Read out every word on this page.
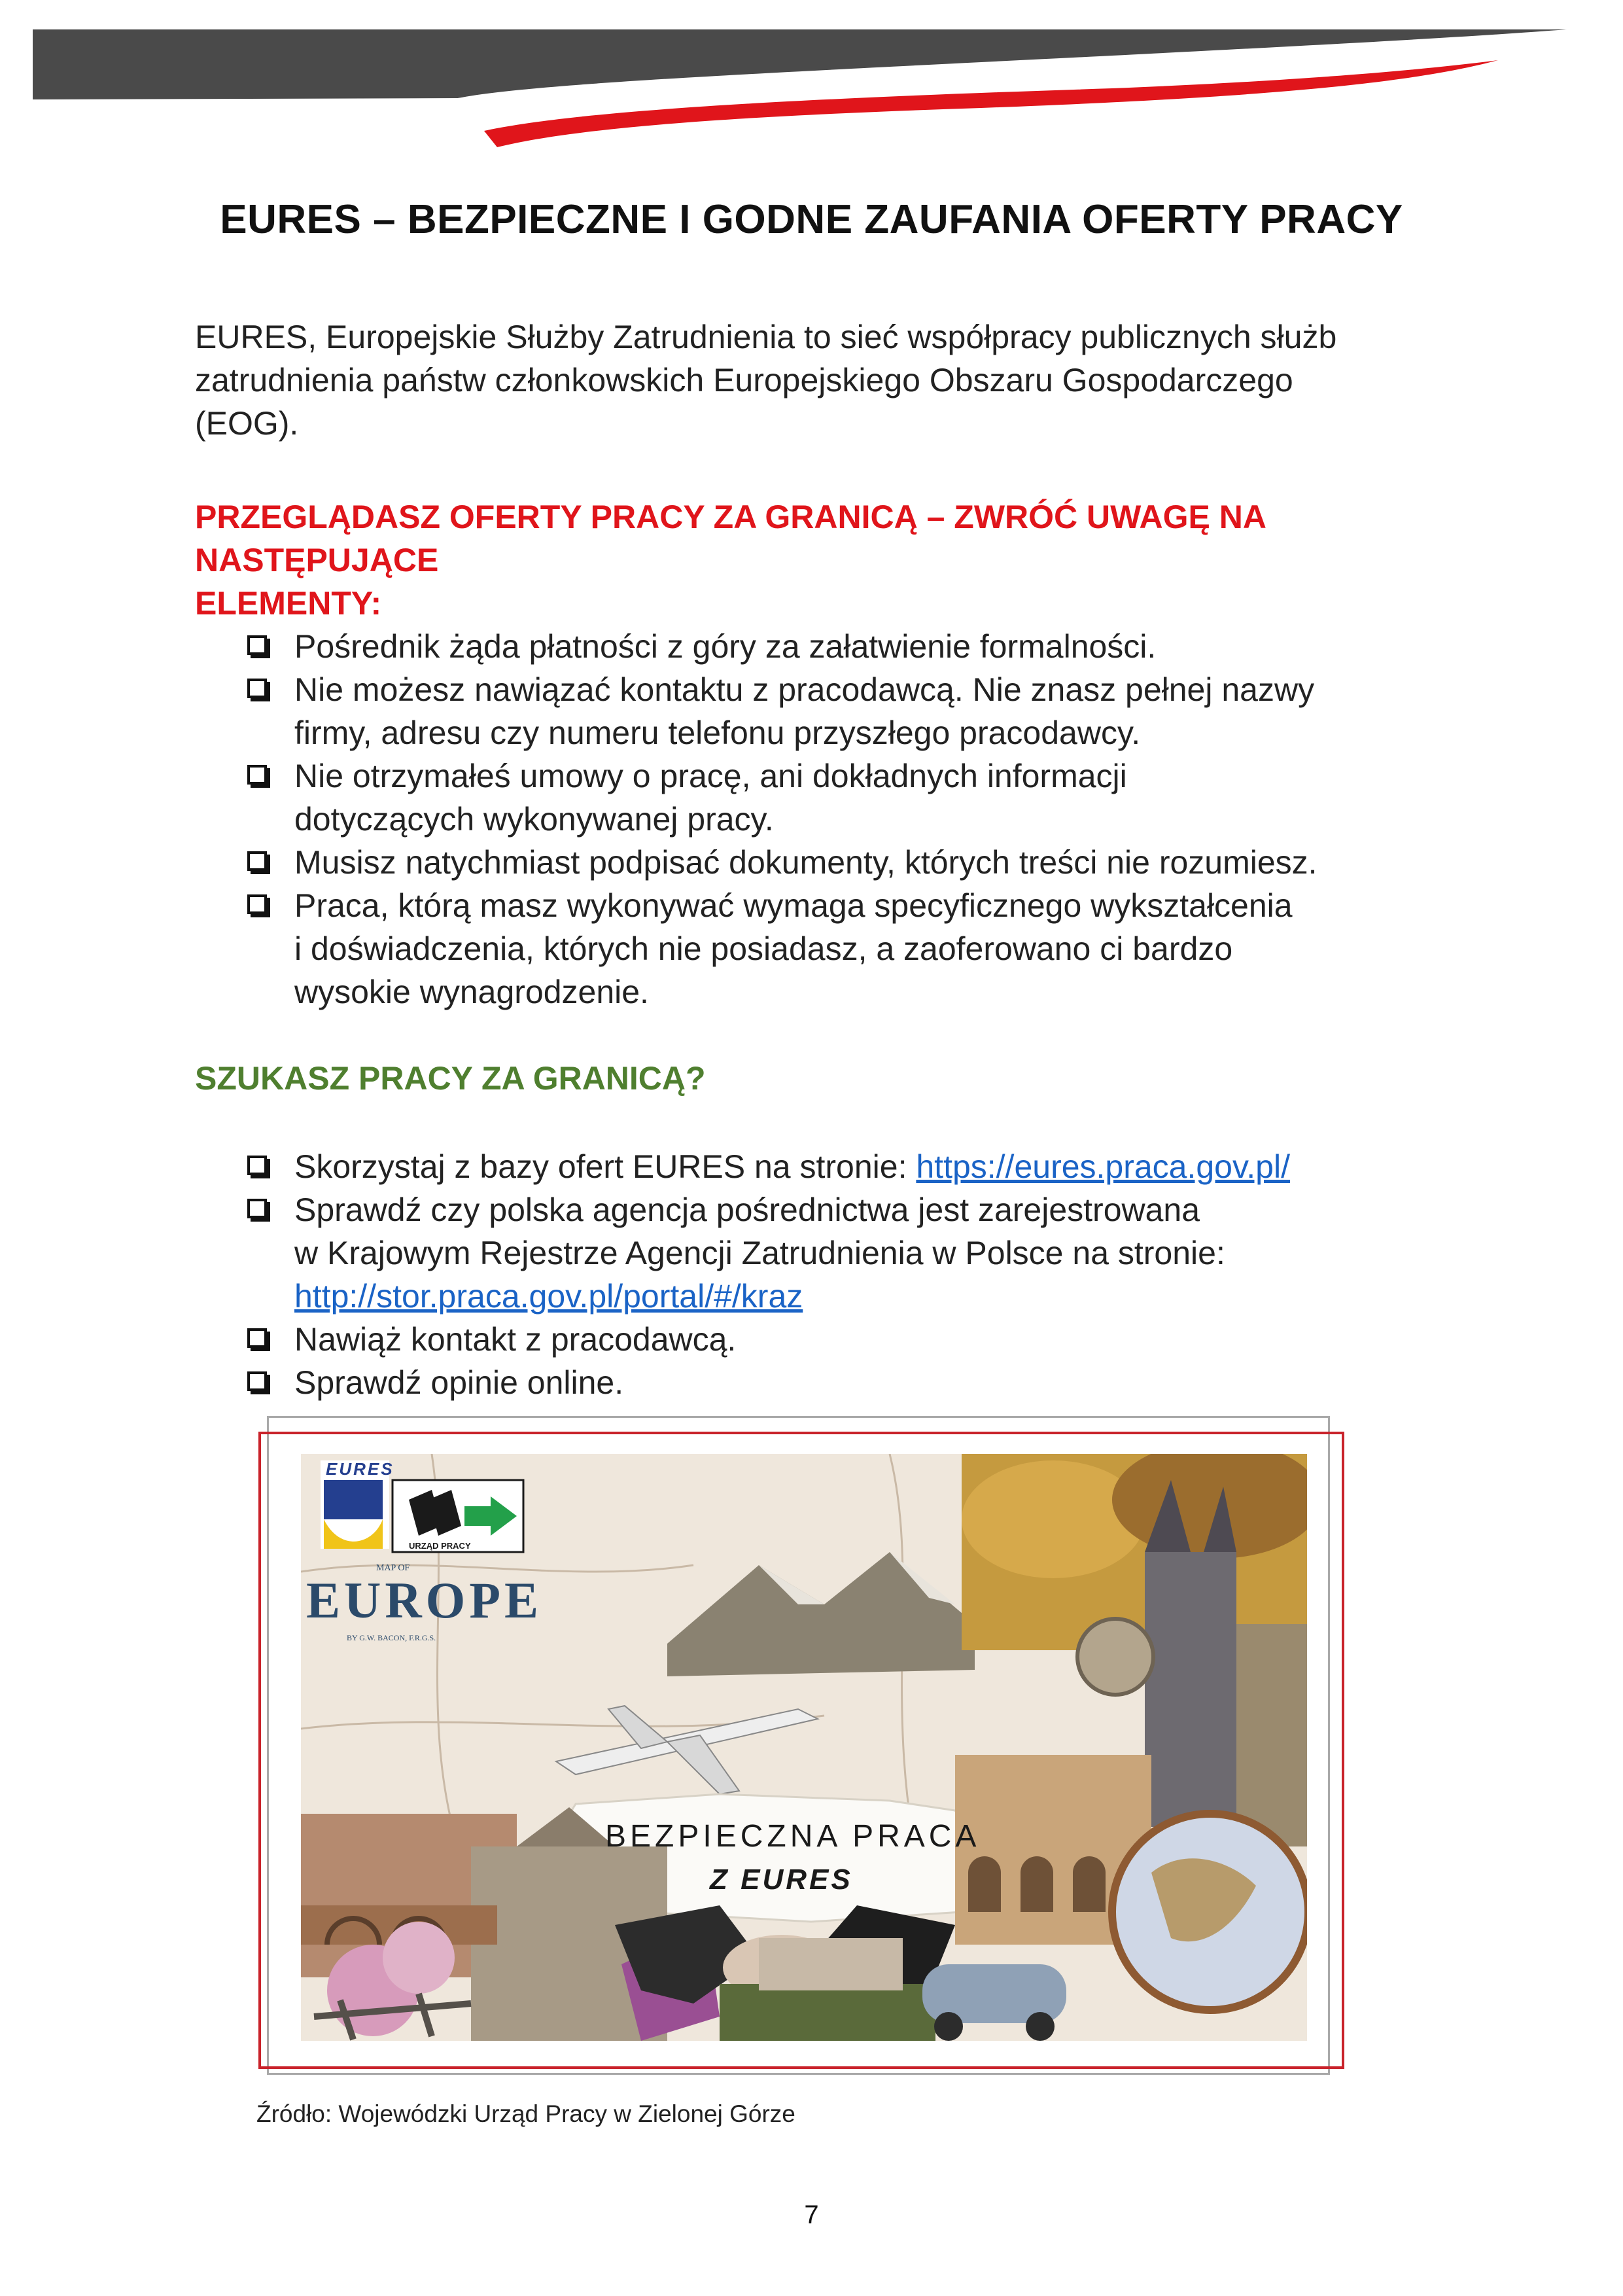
EURES – BEZPIECZNE I GODNE ZAUFANIA OFERTY PRACY
EURES, Europejskie Służby Zatrudnienia to sieć współpracy publicznych służb
zatrudnienia państw członkowskich Europejskiego Obszaru Gospodarczego
(EOG).
PRZEGLĄDASZ OFERTY PRACY ZA GRANICĄ – ZWRÓĆ UWAGĘ NA NASTĘPUJĄCE
ELEMENTY:
Pośrednik żąda płatności z góry za załatwienie formalności.
Nie możesz nawiązać kontaktu z pracodawcą. Nie znasz pełnej nazwy
firmy, adresu czy numeru telefonu przyszłego pracodawcy.
Nie otrzymałeś umowy o pracę, ani dokładnych informacji
dotyczących wykonywanej pracy.
Musisz natychmiast podpisać dokumenty, których treści nie rozumiesz.
Praca, którą masz wykonywać wymaga specyficznego wykształcenia
i doświadczenia, których nie posiadasz, a zaoferowano ci bardzo
wysokie wynagrodzenie.
SZUKASZ PRACY ZA GRANICĄ?
Skorzystaj z bazy ofert EURES na stronie: https://eures.praca.gov.pl/
Sprawdź czy polska agencja pośrednictwa jest zarejestrowana
w Krajowym Rejestrze Agencji Zatrudnienia w Polsce na stronie:
http://stor.praca.gov.pl/portal/#/kraz
Nawiąż kontakt z pracodawcą.
Sprawdź opinie online.
EURES
URZĄD PRACY
MAP OF
EUROPE
BY G.W. BACON, F.R.G.S.
BEZPIECZNA PRACA
Z EURES
Źródło: Wojewódzki Urząd Pracy w Zielonej Górze
7
